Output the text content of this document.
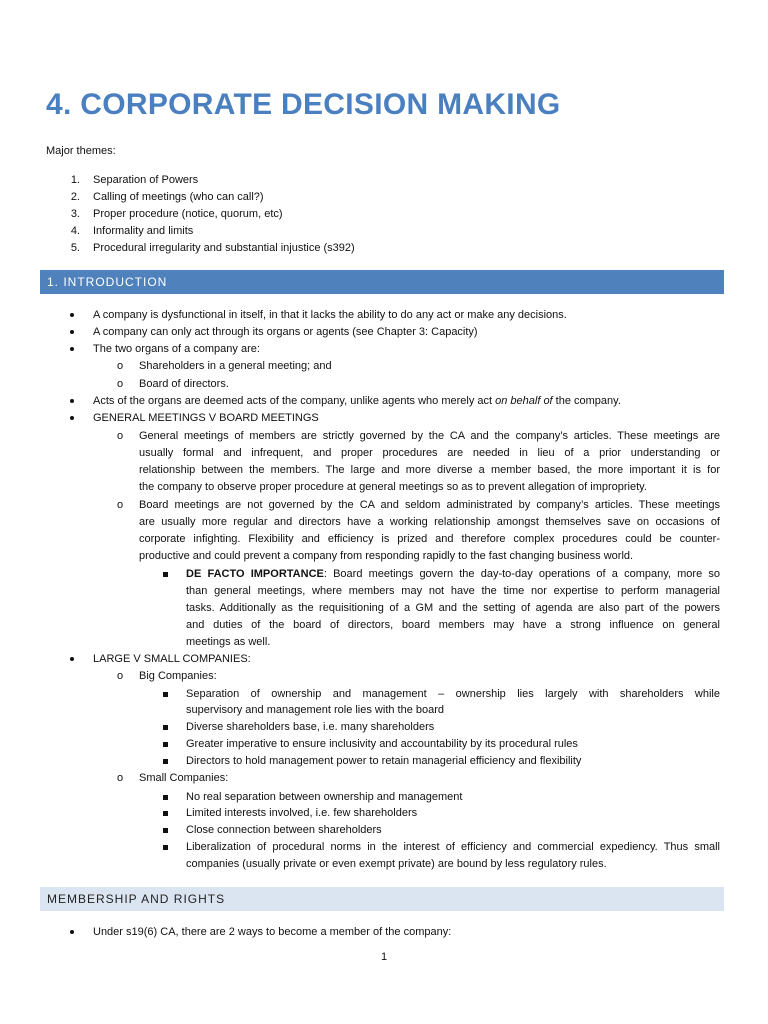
4. CORPORATE DECISION MAKING
Major themes:
1. Separation of Powers
2. Calling of meetings (who can call?)
3. Proper procedure (notice, quorum, etc)
4. Informality and limits
5. Procedural irregularity and substantial injustice (s392)
1. INTRODUCTION
A company is dysfunctional in itself, in that it lacks the ability to do any act or make any decisions.
A company can only act through its organs or agents (see Chapter 3: Capacity)
The two organs of a company are:
o Shareholders in a general meeting; and
o Board of directors.
Acts of the organs are deemed acts of the company, unlike agents who merely act on behalf of the company.
GENERAL MEETINGS V BOARD MEETINGS
o General meetings of members are strictly governed by the CA and the company’s articles. These meetings are
usually formal and infrequent, and proper procedures are needed in lieu of a prior understanding or
relationship between the members. The large and more diverse a member based, the more important it is for
the company to observe proper procedure at general meetings so as to prevent allegation of impropriety.
o Board meetings are not governed by the CA and seldom administrated by company’s articles. These meetings
are usually more regular and directors have a working relationship amongst themselves save on occasions of
corporate infighting. Flexibility and efficiency is prized and therefore complex procedures could be counter-
productive and could prevent a company from responding rapidly to the fast changing business world.
DE FACTO IMPORTANCE: Board meetings govern the day-to-day operations of a company, more so
than general meetings, where members may not have the time nor expertise to perform managerial
tasks. Additionally as the requisitioning of a GM and the setting of agenda are also part of the powers
and duties of the board of directors, board members may have a strong influence on general
meetings as well.
LARGE V SMALL COMPANIES:
o Big Companies:
Separation of ownership and management – ownership lies largely with shareholders while
supervisory and management role lies with the board
Diverse shareholders base, i.e. many shareholders
Greater imperative to ensure inclusivity and accountability by its procedural rules
Directors to hold management power to retain managerial efficiency and flexibility
o Small Companies:
No real separation between ownership and management
Limited interests involved, i.e. few shareholders
Close connection between shareholders
Liberalization of procedural norms in the interest of efficiency and commercial expediency. Thus small
companies (usually private or even exempt private) are bound by less regulatory rules.
MEMBERSHIP AND RIGHTS
Under s19(6) CA, there are 2 ways to become a member of the company:
1
